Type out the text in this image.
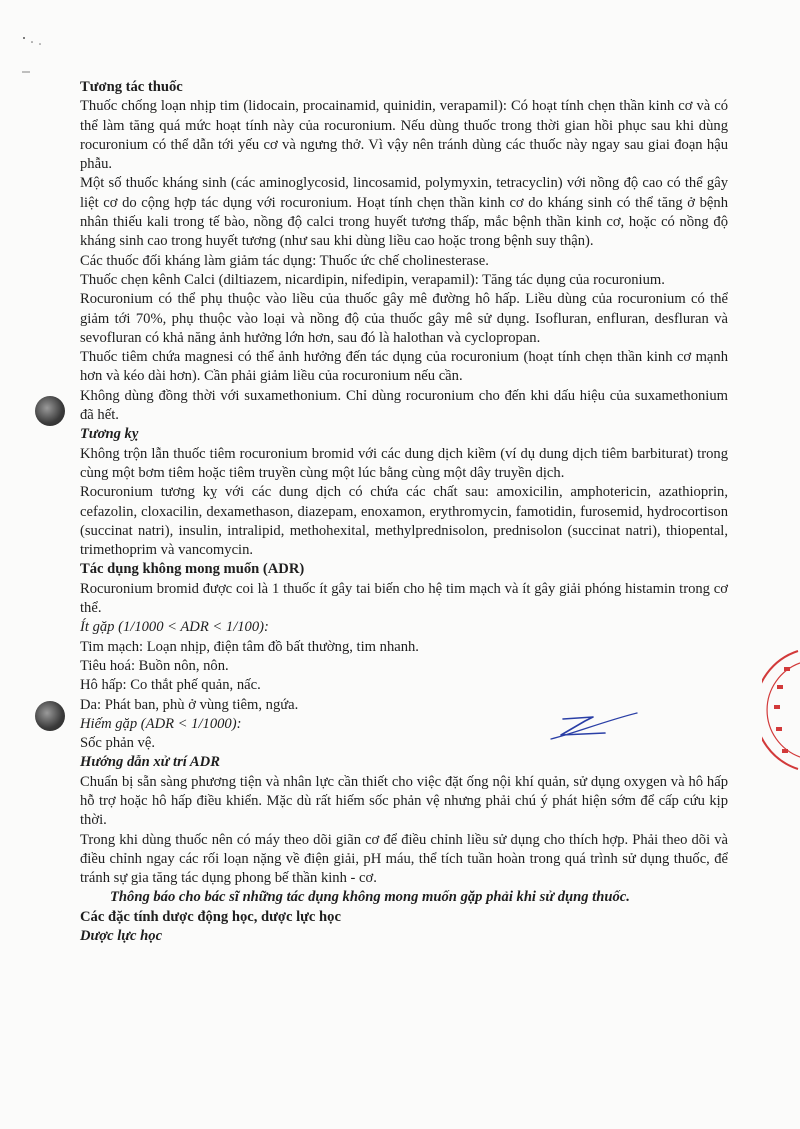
Tương tác thuốc

Thuốc chống loạn nhịp tim (lidocain, procainamid, quinidin, verapamil): Có hoạt tính chẹn thần kinh cơ và có thể làm tăng quá mức hoạt tính này của rocuronium. Nếu dùng thuốc trong thời gian hồi phục sau khi dùng rocuronium có thể dẫn tới yếu cơ và ngưng thở. Vì vậy nên tránh dùng các thuốc này ngay sau giai đoạn hậu phẫu.

Một số thuốc kháng sinh (các aminoglycosid, lincosamid, polymyxin, tetracyclin) với nồng độ cao có thể gây liệt cơ do cộng hợp tác dụng với rocuronium. Hoạt tính chẹn thần kinh cơ do kháng sinh có thể tăng ở bệnh nhân thiếu kali trong tế bào, nồng độ calci trong huyết tương thấp, mắc bệnh thần kinh cơ, hoặc có nồng độ kháng sinh cao trong huyết tương (như sau khi dùng liều cao hoặc trong bệnh suy thận).

Các thuốc đối kháng làm giảm tác dụng: Thuốc ức chế cholinesterase.

Thuốc chẹn kênh Calci (diltiazem, nicardipin, nifedipin, verapamil): Tăng tác dụng của rocuronium.

Rocuronium có thể phụ thuộc vào liều của thuốc gây mê đường hô hấp. Liều dùng của rocuronium có thể giảm tới 70%, phụ thuộc vào loại và nồng độ của thuốc gây mê sử dụng. Isofluran, enfluran, desfluran và sevofluran có khả năng ảnh hưởng lớn hơn, sau đó là halothan và cyclopropan.

Thuốc tiêm chứa magnesi có thể ảnh hưởng đến tác dụng của rocuronium (hoạt tính chẹn thần kinh cơ mạnh hơn và kéo dài hơn). Cần phải giảm liều của rocuronium nếu cần.

Không dùng đồng thời với suxamethonium. Chỉ dùng rocuronium cho đến khi dấu hiệu của suxamethonium đã hết.

Tương kỵ

Không trộn lẫn thuốc tiêm rocuronium bromid với các dung dịch kiềm (ví dụ dung dịch tiêm barbiturat) trong cùng một bơm tiêm hoặc tiêm truyền cùng một lúc bằng cùng một dây truyền dịch.

Rocuronium tương kỵ với các dung dịch có chứa các chất sau: amoxicilin, amphotericin, azathioprin, cefazolin, cloxacilin, dexamethason, diazepam, enoxamon, erythromycin, famotidin, furosemid, hydrocortison (succinat natri), insulin, intralipid, methohexital, methylprednisolon, prednisolon (succinat natri), thiopental, trimethoprim và vancomycin.

Tác dụng không mong muốn (ADR)

Rocuronium bromid được coi là 1 thuốc ít gây tai biến cho hệ tim mạch và ít gây giải phóng histamin trong cơ thể.

Ít gặp (1/1000 < ADR < 1/100):

Tim mạch: Loạn nhịp, điện tâm đồ bất thường, tim nhanh.

Tiêu hoá: Buồn nôn, nôn.

Hô hấp: Co thắt phế quản, nấc.

Da: Phát ban, phù ở vùng tiêm, ngứa.

Hiếm gặp (ADR < 1/1000):

Sốc phản vệ.

Hướng dẫn xử trí ADR

Chuẩn bị sẵn sàng phương tiện và nhân lực cần thiết cho việc đặt ống nội khí quản, sử dụng oxygen và hô hấp hỗ trợ hoặc hô hấp điều khiển. Mặc dù rất hiếm sốc phản vệ nhưng phải chú ý phát hiện sớm để cấp cứu kịp thời.

Trong khi dùng thuốc nên có máy theo dõi giãn cơ để điều chỉnh liều sử dụng cho thích hợp. Phải theo dõi và điều chỉnh ngay các rối loạn nặng về điện giải, pH máu, thể tích tuần hoàn trong quá trình sử dụng thuốc, để tránh sự gia tăng tác dụng phong bế thần kinh - cơ.

Thông báo cho bác sĩ những tác dụng không mong muốn gặp phải khi sử dụng thuốc.

Các đặc tính dược động học, dược lực học

Dược lực học
